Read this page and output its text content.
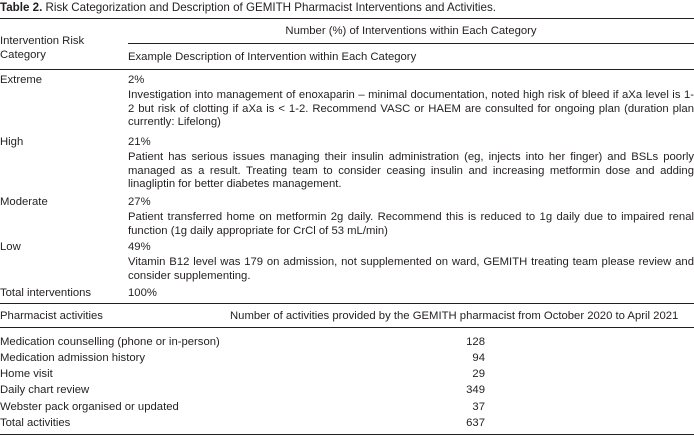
Table 2. Risk Categorization and Description of GEMITH Pharmacist Interventions and Activities.
Intervention Risk
Category
Number (%) of Interventions within Each Category
Example Description of Intervention within Each Category
Extreme	2%
Investigation into management of enoxaparin – minimal documentation, noted high risk of bleed if aXa level is 1-2 but risk of clotting if aXa is < 1-2. Recommend VASC or HAEM are consulted for ongoing plan (duration plan currently: Lifelong)
High	21%
Patient has serious issues managing their insulin administration (eg, injects into her finger) and BSLs poorly managed as a result. Treating team to consider ceasing insulin and increasing metformin dose and adding linagliptin for better diabetes management.
Moderate	27%
Patient transferred home on metformin 2g daily. Recommend this is reduced to 1g daily due to impaired renal function (1g daily appropriate for CrCl of 53 mL/min)
Low	49%
Vitamin B12 level was 179 on admission, not supplemented on ward, GEMITH treating team please review and consider supplementing.
Total interventions	100%
Pharmacist activities	Number of activities provided by the GEMITH pharmacist from October 2020 to April 2021
Medication counselling (phone or in-person)	128
Medication admission history	94
Home visit	29
Daily chart review	349
Webster pack organised or updated	37
Total activities	637
